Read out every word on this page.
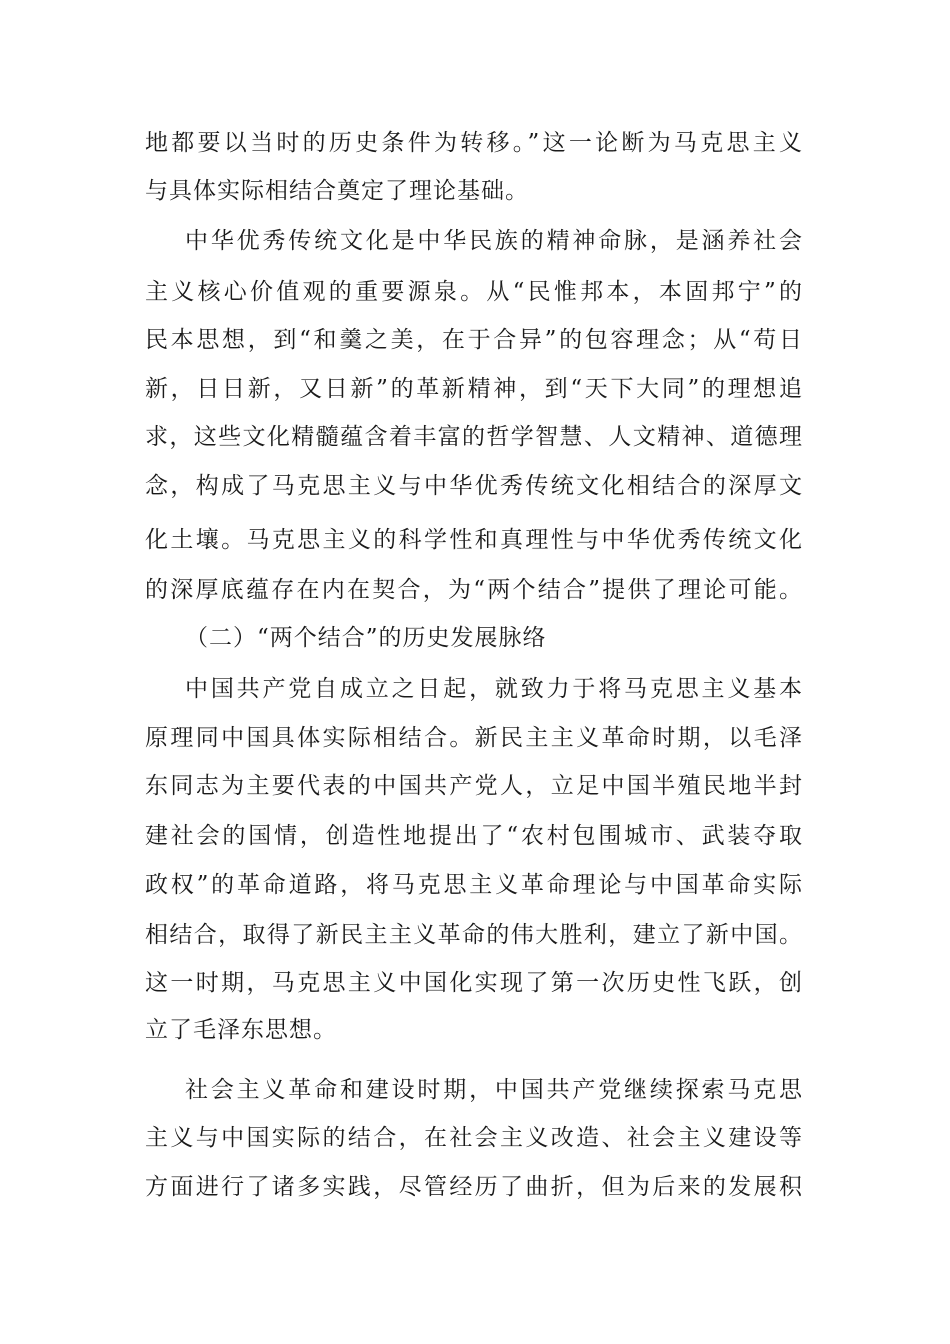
地都要以当时的历史条件为转移。”这一论断为马克思主义
与具体实际相结合奠定了理论基础。
中华优秀传统文化是中华民族的精神命脉，是涵养社会
主义核心价值观的重要源泉。从“民惟邦本，本固邦宁”的
民本思想，到“和羹之美，在于合异”的包容理念；从“苟日
新，日日新，又日新”的革新精神，到“天下大同”的理想追
求，这些文化精髓蕴含着丰富的哲学智慧、人文精神、道德理
念，构成了马克思主义与中华优秀传统文化相结合的深厚文
化土壤。马克思主义的科学性和真理性与中华优秀传统文化
的深厚底蕴存在内在契合，为“两个结合”提供了理论可能。
（二）“两个结合”的历史发展脉络
中国共产党自成立之日起，就致力于将马克思主义基本
原理同中国具体实际相结合。新民主主义革命时期，以毛泽
东同志为主要代表的中国共产党人，立足中国半殖民地半封
建社会的国情，创造性地提出了“农村包围城市、武装夺取
政权”的革命道路，将马克思主义革命理论与中国革命实际
相结合，取得了新民主主义革命的伟大胜利，建立了新中国。
这一时期，马克思主义中国化实现了第一次历史性飞跃，创
立了毛泽东思想。
社会主义革命和建设时期，中国共产党继续探索马克思
主义与中国实际的结合，在社会主义改造、社会主义建设等
方面进行了诸多实践，尽管经历了曲折，但为后来的发展积
